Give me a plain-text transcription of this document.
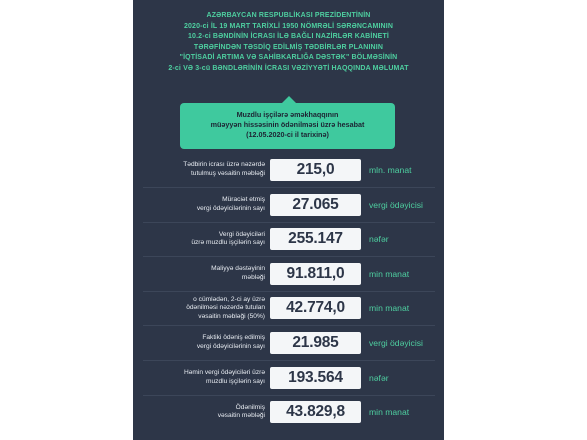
AZƏRBAYCAN RESPUBLİKASI PREZİDENTİNİN
2020-ci İL 19 MART TARİXLİ 1950 NÖMRƏLİ SƏRƏNCAMININ
10.2-ci BƏNDİNİN İCRASI İLƏ BAĞLI NAZİRLƏR KABİNETİ
TƏRƏFİNDƏN TƏSDİQ EDİLMİŞ TƏDBİRLƏR PLANININ
"İQTİSADİ ARTIMA VƏ SAHİBKARLIĞA DƏSTƏK" BÖLMƏSİNİN
2-ci VƏ 3-cü BƏNDLƏRİNİN İCRASI VƏZİYYƏTİ HAQQINDA MƏLUMAT
Muzdlu işçilərə əməkhaqqının
müəyyən hissəsinin ödənilməsi üzrə hesabat
(12.05.2020-ci il tarixinə)
Tədbirin icrası üzrə nəzərdə
tutulmuş vəsaitin məbləği	215,0	mln. manat
Müraciət etmiş
vergi ödəyicilərinin sayı	27.065	vergi ödəyicisi
Vergi ödəyiciləri
üzrə muzdlu işçilərin sayı	255.147	nəfər
Maliyyə dəstəyinin
məbləği	91.811,0	min manat
o cümlədən, 2-ci ay üzrə
ödənilməsi nəzərdə tutulan
vəsaitin məbləği (50%)	42.774,0	min manat
Faktiki ödəniş edilmiş
vergi ödəyicilərinin sayı	21.985	vergi ödəyicisi
Həmin vergi ödəyiciləri üzrə
muzdlu işçilərin sayı	193.564	nəfər
Ödənilmiş
vəsaitin məbləği	43.829,8	min manat
